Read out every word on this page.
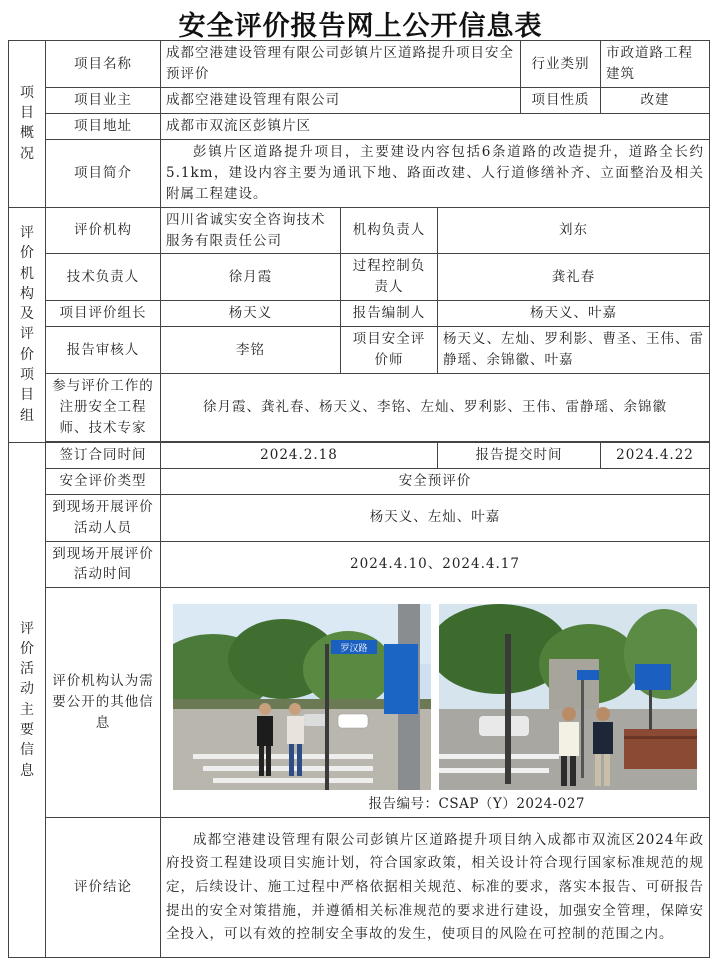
安全评价报告网上公开信息表
项目概况	项目名称	成都空港建设管理有限公司彭镇片区道路提升项目安全预评价			行业类别	市政道路工程建筑
	项目业主	成都空港建设管理有限公司			项目性质	改建
	项目地址	成都市双流区彭镇片区				
	项目简介	彭镇片区道路提升项目，主要建设内容包括6条道路的改造提升，道路全长约5.1km，建设内容主要为通讯下地、路面改建、人行道修缮补齐、立面整治及相关附属工程建设。				

评价机构及评价项目组	评价机构	四川省诚实安全咨询技术服务有限责任公司	机构负责人	刘东		
	技术负责人	徐月霞	过程控制负责人	龚礼春		
	项目评价组长	杨天义	报告编制人	杨天义、叶嘉		
	报告审核人	李铭	项目安全评价师	杨天义、左灿、罗利影、曹圣、王伟、雷静瑶、余锦徽、叶嘉		
	参与评价工作的注册安全工程师、技术专家	徐月霞、龚礼春、杨天义、李铭、左灿、罗利影、王伟、雷静瑶、余锦徽				

评价活动主要信息	签订合同时间	2024.2.18		报告提交时间		2024.4.22
	安全评价类型	安全预评价				
	到现场开展评价活动人员	杨天义、左灿、叶嘉				
	到现场开展评价活动时间	2024.4.10、2024.4.17				
	评价机构认为需要公开的其他信息	罗汉路
报告编号：CSAP（Y）2024-027				

	评价结论	成都空港建设管理有限公司彭镇片区道路提升项目纳入成都市双流区2024年政府投资工程建设项目实施计划，符合国家政策，相关设计符合现行国家标准规范的规定，后续设计、施工过程中严格依据相关规范、标准的要求，落实本报告、可研报告提出的安全对策措施，并遵循相关标准规范的要求进行建设，加强安全管理，保障安全投入，可以有效的控制安全事故的发生，使项目的风险在可控制的范围之内。				
